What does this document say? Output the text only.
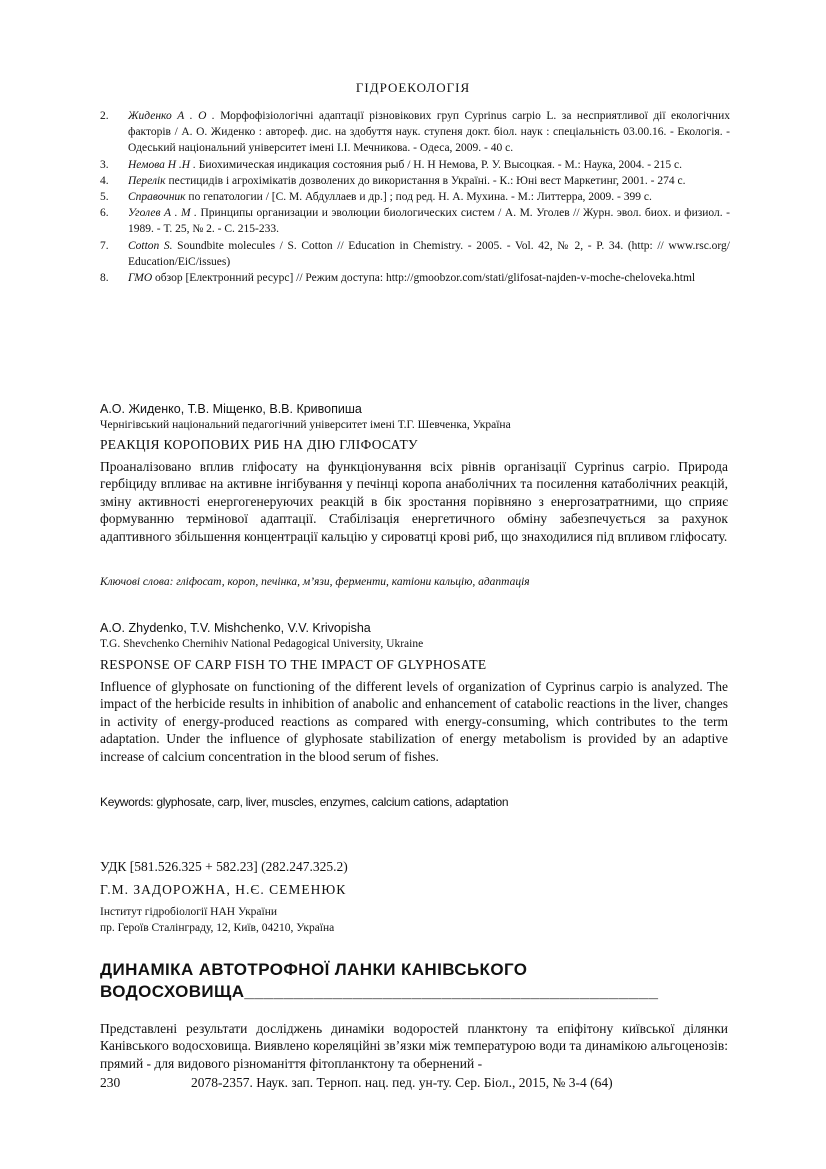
ГІДРОЕКОЛОГІЯ
2.	Жиденко А . О . Морфофізіологічні адаптації різновікових груп Cyprinus carpio L. за несприятливої дії екологічних факторів / А. О. Жиденко : автореф. дис. на здобуття наук. ступеня докт. біол. наук : спеціальність 03.00.16. - Екологія. - Одеський національний університет імені І.І. Мечникова. - Одеса, 2009. - 40 с.
3.	Немова Н .Н . Биохимическая индикация состояния рыб / Н. Н Немова, Р. У. Высоцкая. - М.: Наука, 2004. - 215 с.
4.	Перелік пестицидів і агрохімікатів дозволених до використання в Україні. - К.: Юні вест Маркетинг, 2001. - 274 с.
5.	Справочник по гепатологии / [С. М. Абдуллаев и др.] ; под ред. Н. А. Мухина. - М.: Литтерра, 2009. - 399 с.
6.	Уголев А . М . Принципы организации и эволюции биологических систем / А. М. Уголев // Журн. эвол. биох. и физиол. - 1989. - Т. 25, № 2. - С. 215-233.
7.	Cotton S. Soundbite molecules / S. Cotton // Education in Chemistry. - 2005. - Vol. 42, № 2, - P. 34. (http: // www.rsc.org/ Education/EiC/issues)
8.	ГМО обзор [Електронний ресурс] // Режим доступа: http://gmoobzor.com/stati/glifosat-najden-v-moche-cheloveka.html
А.О. Жиденко, Т.В. Міщенко, В.В. Кривопиша
Чернігівський національний педагогічний університет імені Т.Г. Шевченка, Україна
РЕАКЦІЯ КОРОПОВИХ РИБ НА ДІЮ ГЛІФОСАТУ
Проаналізовано вплив гліфосату на функціонування всіх рівнів організації Cyprinus carpio. Природа гербіциду впливає на активне інгібування у печінці коропа анаболічних та посилення катаболічних реакцій, зміну активності енергогенеруючих реакцій в бік зростання порівняно з енергозатратними, що сприяє формуванню термінової адаптації. Стабілізація енергетичного обміну забезпечується за рахунок адаптивного збільшення концентрації кальцію у сироватці крові риб, що знаходилися під впливом гліфосату.
Ключові слова: гліфосат, короп, печінка, м’язи, ферменти, катіони кальцію, адаптація
A.O. Zhydenko, T.V. Mishchenko, V.V. Krivopisha
T.G. Shevchenko Chernihiv National Pedagogical University, Ukraine
RESPONSE OF CARP FISH TO THE IMPACT OF GLYPHOSATE
Influence of glyphosate on functioning of the different levels of organization of Cyprinus carpio is analyzed. The impact of the herbicide results in inhibition of anabolic and enhancement of catabolic reactions in the liver, changes in activity of energy-produced reactions as compared with energy-consuming, which contributes to the term adaptation. Under the influence of glyphosate stabilization of energy metabolism is provided by an adaptive increase of calcium concentration in the blood serum of fishes.
Keywords: glyphosate, carp, liver, muscles, enzymes, calcium cations, adaptation
УДК [581.526.325 + 582.23] (282.247.325.2)
Г.М. ЗАДОРОЖНА, Н.Є. СЕМЕНЮК
Інститут гідробіології НАН України
пр. Героїв Сталінграду, 12, Київ, 04210, Україна
ДИНАМІКА АВТОТРОФНОЇ ЛАНКИ КАНІВСЬКОГО
ВОДОСХОВИЩА__________________________________________
Представлені результати досліджень динаміки водоростей планктону та епіфітону київської ділянки Канівського водосховища. Виявлено кореляційні зв’язки між температурою води та динамікою альгоценозів: прямий - для видового різноманіття фітопланктону та обернений -
230	2078-2357. Наук. зап. Терноп. нац. пед. ун-ту. Сер. Біол., 2015, № 3-4 (64)
